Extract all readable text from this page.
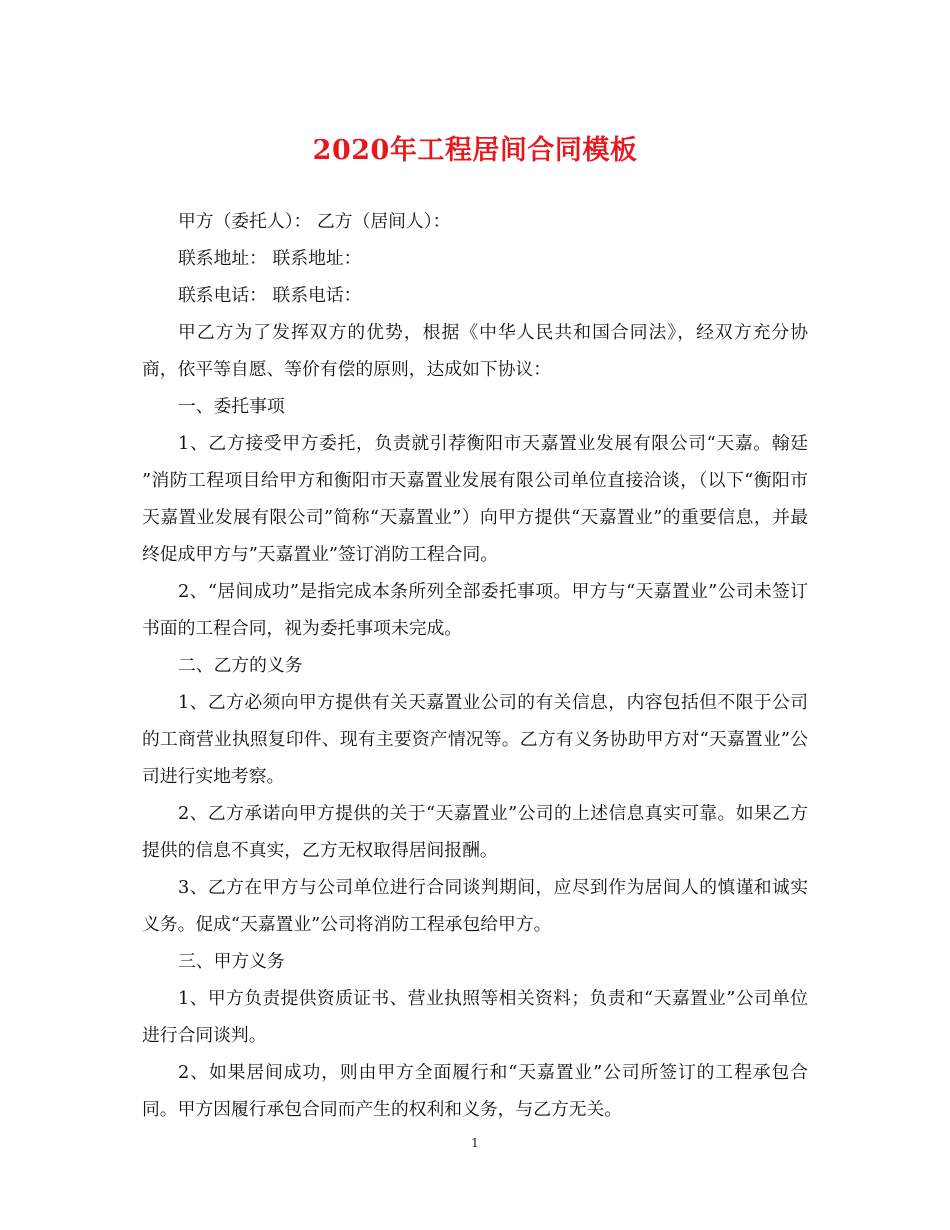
2020年工程居间合同模板

甲方（委托人）： 乙方（居间人）：

联系地址： 联系地址：

联系电话： 联系电话：

甲乙方为了发挥双方的优势，根据《中华人民共和国合同法》，经双方充分协商，依平等自愿、等价有偿的原则，达成如下协议：

一、委托事项

1、乙方接受甲方委托，负责就引荐衡阳市天嘉置业发展有限公司“天嘉。翰廷 ”消防工程项目给甲方和衡阳市天嘉置业发展有限公司单位直接洽谈，（以下“衡阳市天嘉置业发展有限公司”简称“天嘉置业”）向甲方提供“天嘉置业”的重要信息，并最终促成甲方与”天嘉置业”签订消防工程合同。

2、“居间成功”是指完成本条所列全部委托事项。甲方与“天嘉置业”公司未签订书面的工程合同，视为委托事项未完成。

二、乙方的义务

1、乙方必须向甲方提供有关天嘉置业公司的有关信息，内容包括但不限于公司的工商营业执照复印件、现有主要资产情况等。乙方有义务协助甲方对“天嘉置业”公司进行实地考察。

2、乙方承诺向甲方提供的关于“天嘉置业”公司的上述信息真实可靠。如果乙方提供的信息不真实，乙方无权取得居间报酬。

3、乙方在甲方与公司单位进行合同谈判期间，应尽到作为居间人的慎谨和诚实义务。促成“天嘉置业”公司将消防工程承包给甲方。

三、甲方义务

1、甲方负责提供资质证书、营业执照等相关资料；负责和“天嘉置业”公司单位进行合同谈判。

2、如果居间成功，则由甲方全面履行和“天嘉置业”公司所签订的工程承包合同。甲方因履行承包合同而产生的权利和义务，与乙方无关。

1
